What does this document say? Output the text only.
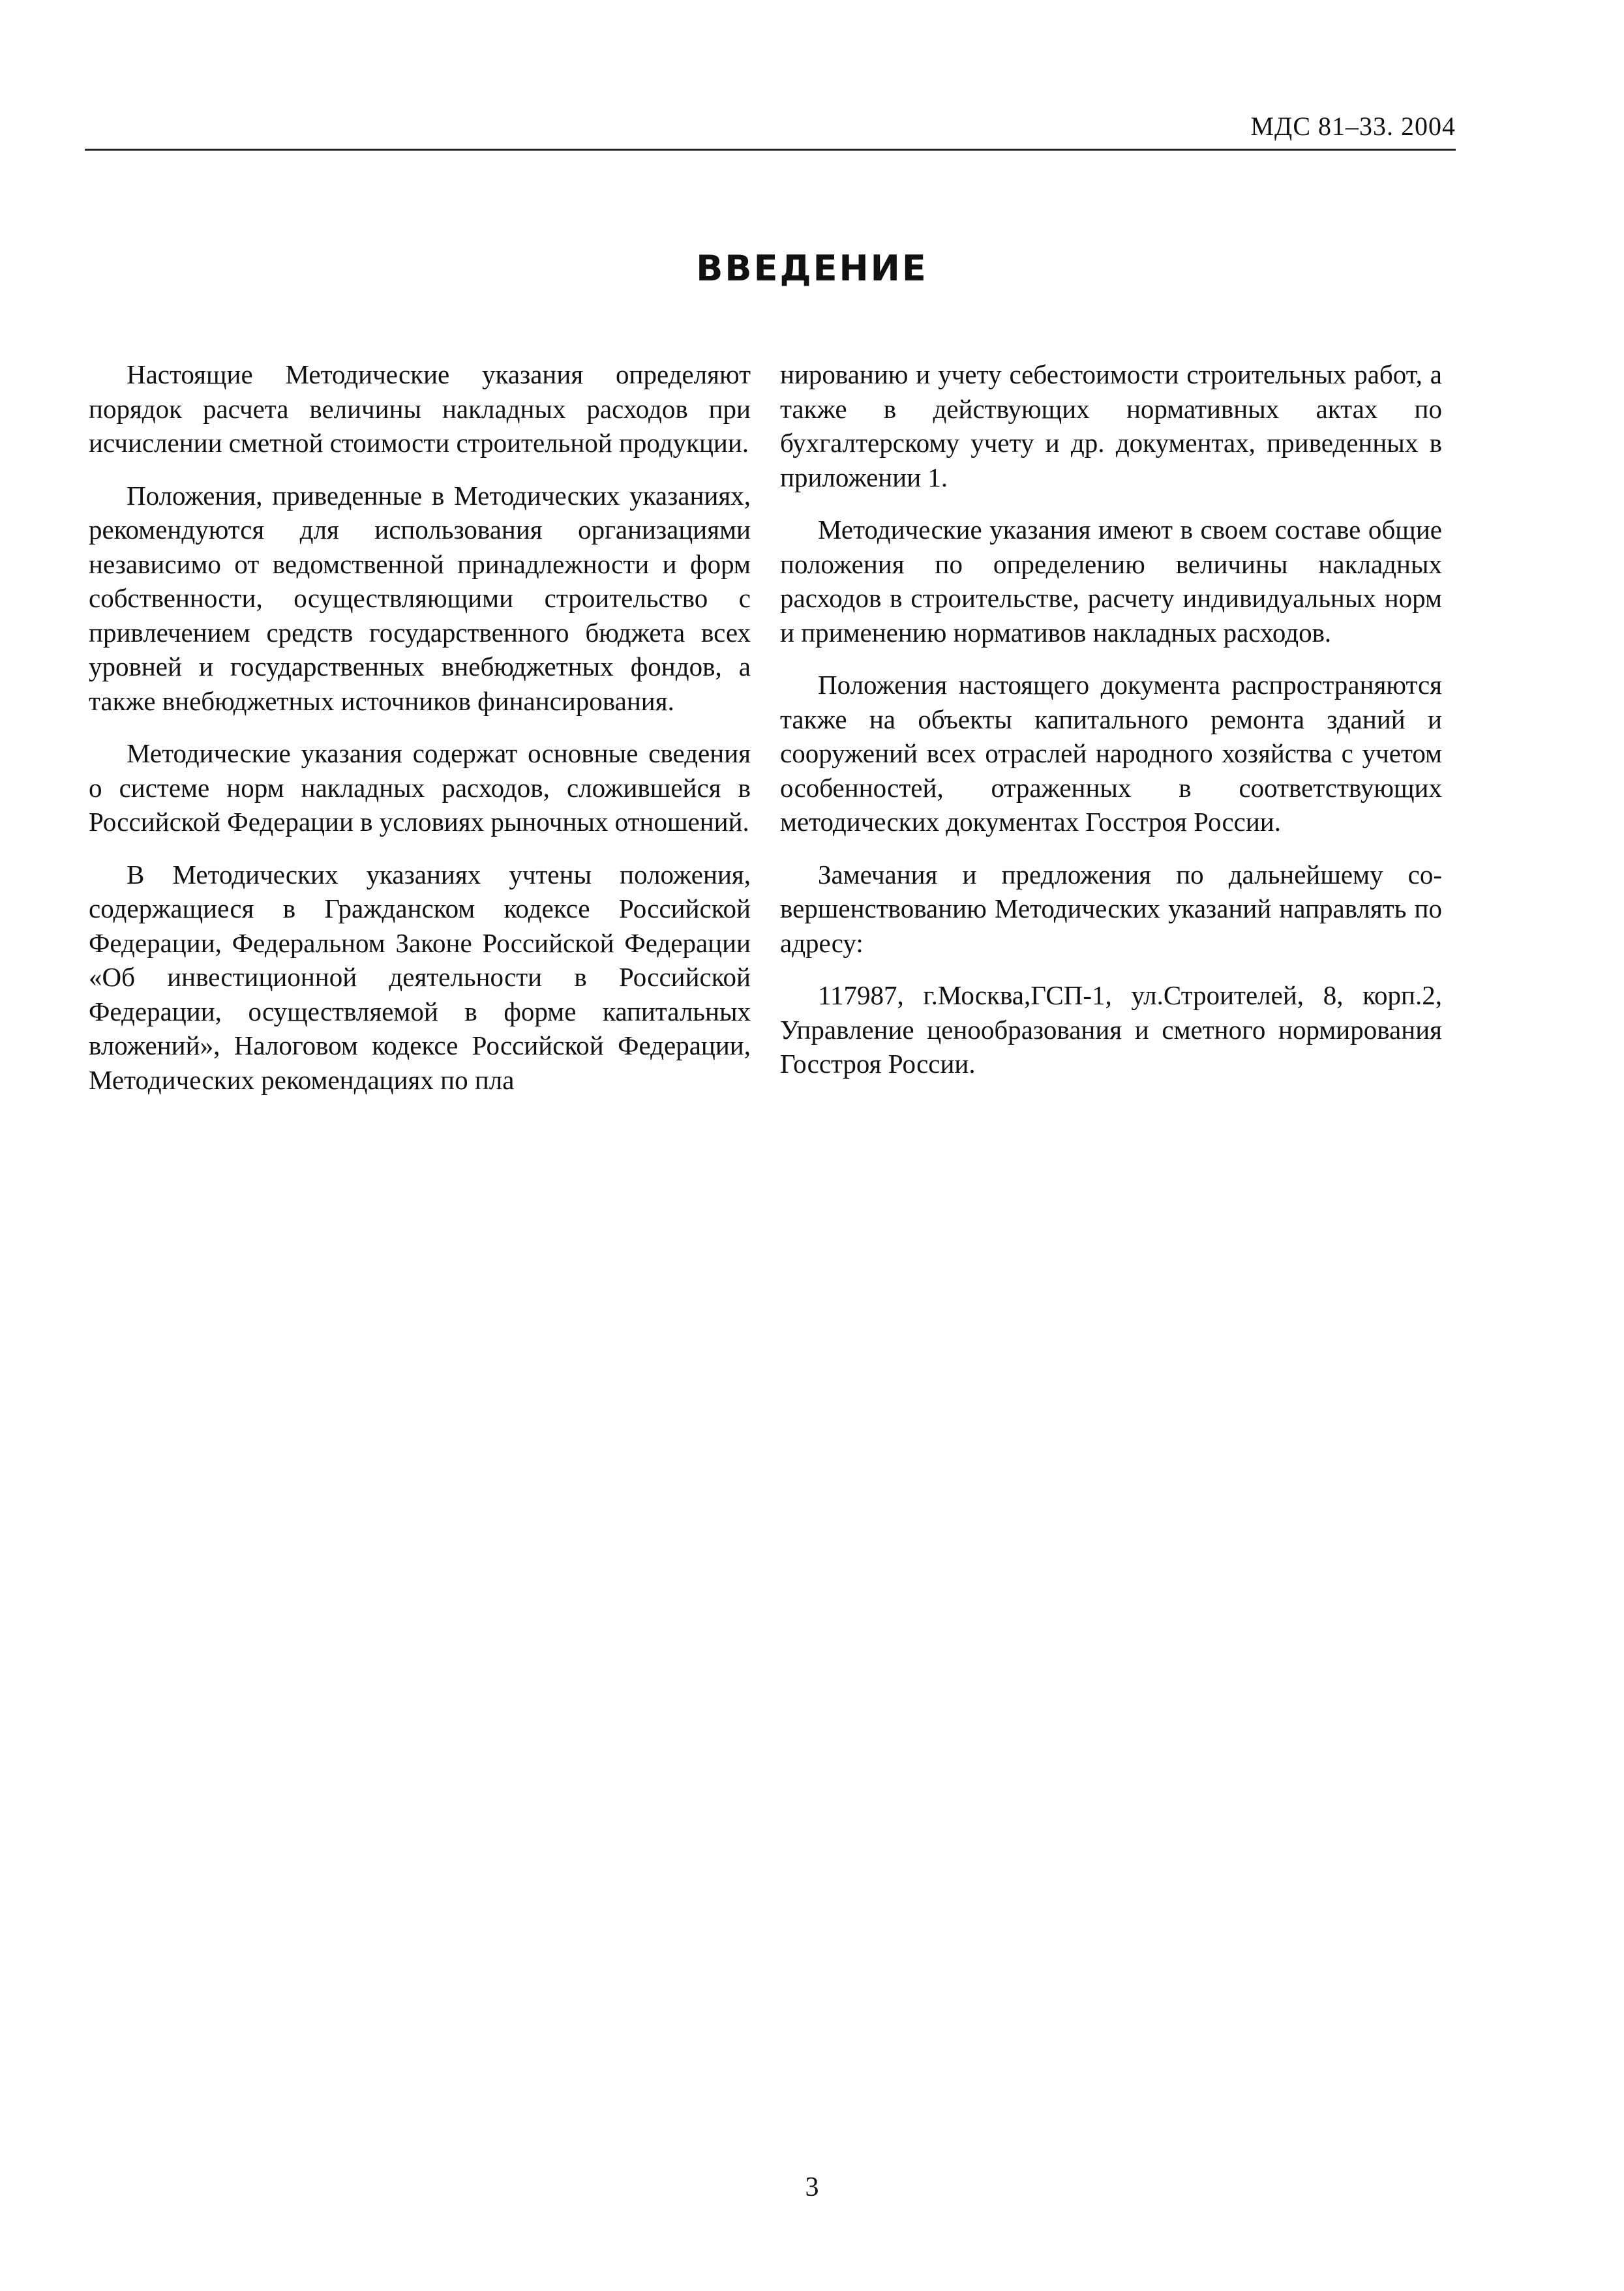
МДС 81–33. 2004
ВВЕДЕНИЕ

Настоящие Методические указания определяют порядок расчета величины накладных расходов при исчислении сметной стоимости строительной продукции.

Положения, приведенные в Методических указаниях, рекомендуются для использования организациями независимо от ведомственной принадлежности и форм собственности, осуществляющими строительство с привлечением средств государственного бюджета всех уровней и государственных внебюджетных фондов, а также внебюджетных источников финансирования.

Методические указания содержат основные сведения о системе норм накладных расходов, сложившейся в Российской Федерации в условиях рыночных отношений.

В Методических указаниях учтены положения, содержащиеся в Гражданском кодексе Российской Федерации, Федеральном Законе Российской Федерации «Об инвестиционной деятельности в Российской Федерации, осуществляемой в форме капитальных вложений», Налоговом кодексе Российской Федерации, Методических рекомендациях по пла

нированию и учету себестоимости строительных работ, а также в действующих нормативных актах по бухгалтерскому учету и др. документах, приведенных в приложении 1.

Методические указания имеют в своем составе общие положения по определению величины накладных расходов в строительстве, расчету индивидуальных норм и применению нормативов накладных расходов.

Положения настоящего документа распространяются также на объекты капитального ремонта зданий и сооружений всех отраслей народного хозяйства с учетом особенностей, отраженных в соответствующих методических документах Госстроя России.

Замечания и предложения по дальнейшему совершенствованию Методических указаний направлять по адресу:

117987, г.Москва,ГСП-1, ул.Строителей, 8, корп.2, Управление ценообразования и сметного нормирования Госстроя России.

3
